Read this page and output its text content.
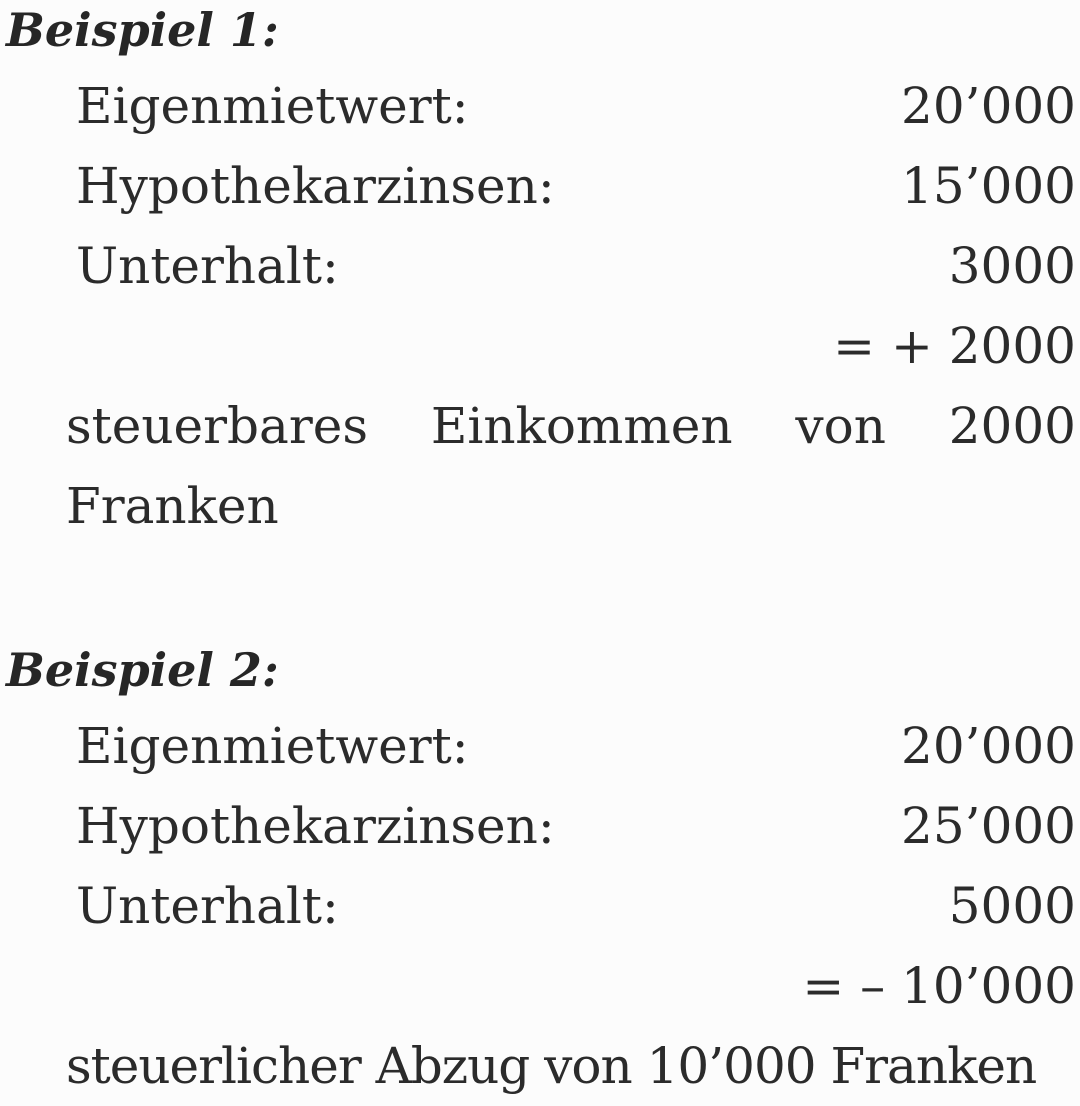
Beispiel 1:
Eigenmietwert:	20’000
Hypothekarzinsen:	15’000
Unterhalt:	3000
= + 2000
steuerbares Einkommen von 2000 Franken
Beispiel 2:
Eigenmietwert:	20’000
Hypothekarzinsen:	25’000
Unterhalt:	5000
= – 10’000
steuerlicher Abzug von 10’000 Franken
